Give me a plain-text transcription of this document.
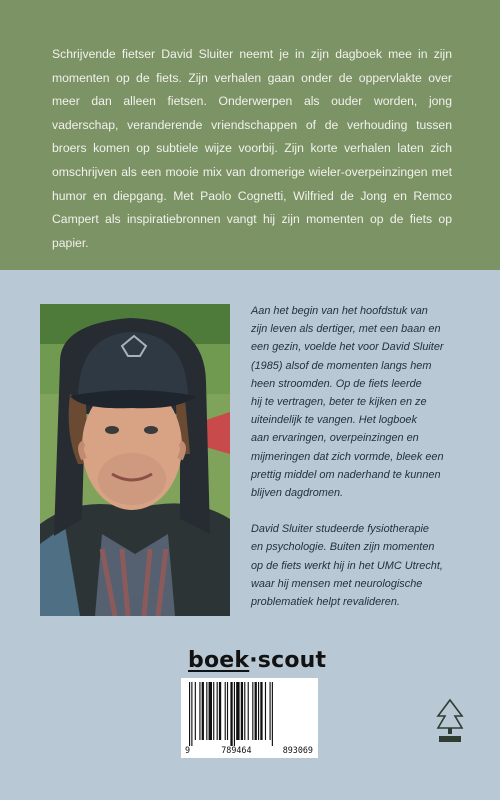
Schrijvende fietser David Sluiter neemt je in zijn dagboek mee in zijn momenten op de fiets. Zijn verhalen gaan onder de oppervlakte over meer dan alleen fietsen. Onderwerpen als ouder worden, jong vaderschap, veranderende vriendschappen of de verhouding tussen broers komen op subtiele wijze voorbij. Zijn korte verhalen laten zich omschrijven als een mooie mix van dromerige wieler-overpeinzingen met humor en diepgang. Met Paolo Cognetti, Wilfried de Jong en Remco Campert als inspiratiebronnen vangt hij zijn momenten op de fiets op papier.

Aan het begin van het hoofdstuk van
zijn leven als dertiger, met een baan en
een gezin, voelde het voor David Sluiter
(1985) alsof de momenten langs hem
heen stroomden. Op de fiets leerde
hij te vertragen, beter te kijken en ze
uiteindelijk te vangen. Het logboek
aan ervaringen, overpeinzingen en
mijmeringen dat zich vormde, bleek een
prettig middel om naderhand te kunnen
blijven dagdromen.

David Sluiter studeerde fysiotherapie
en psychologie. Buiten zijn momenten
op de fiets werkt hij in het UMC Utrecht,
waar hij mensen met neurologische
problematiek helpt revalideren.

boek·scout
9	789464	893069
